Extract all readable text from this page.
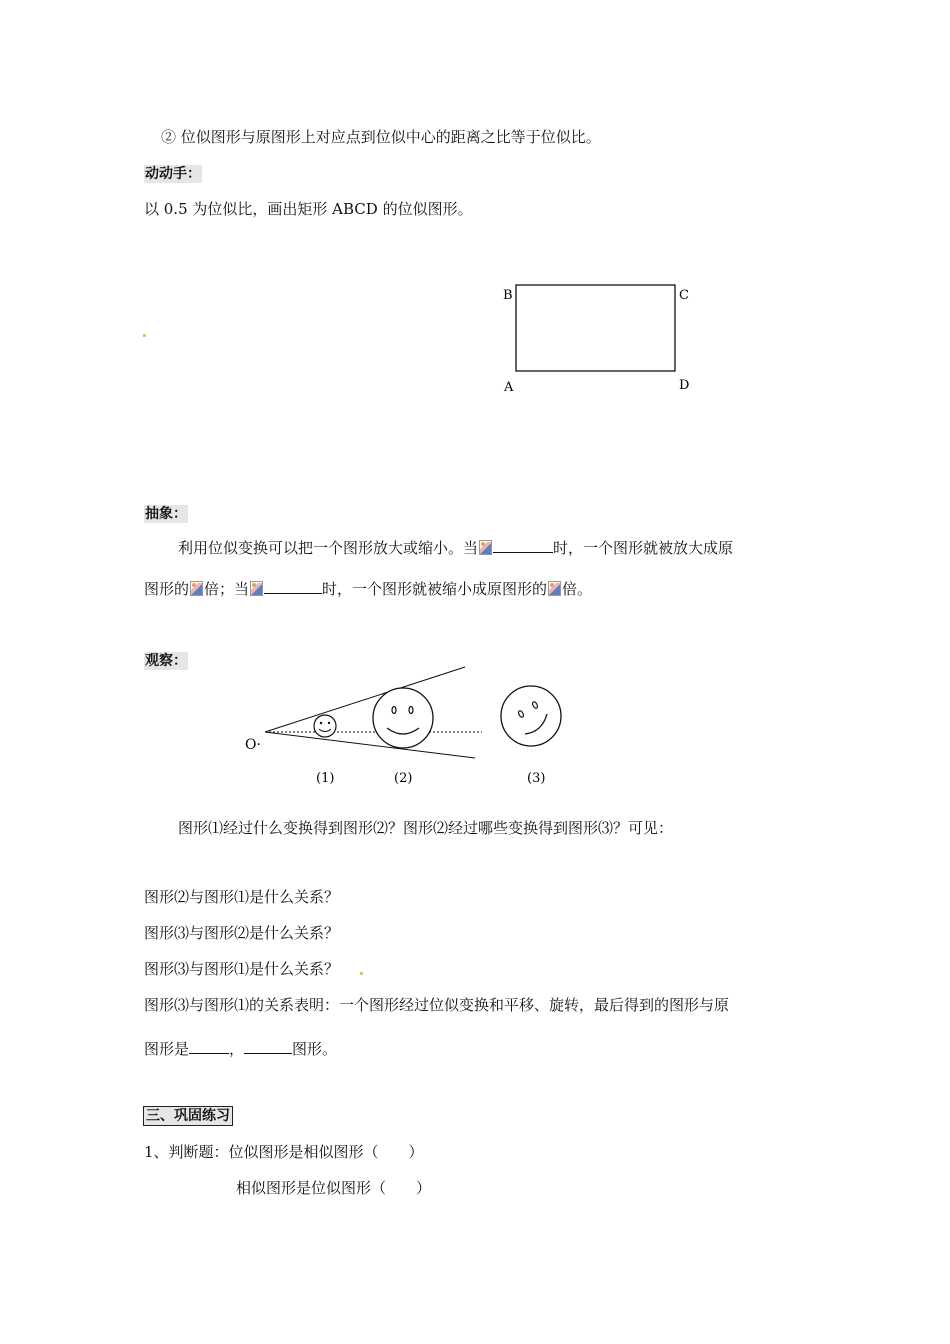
② 位似图形与原图形上对应点到位似中心的距离之比等于位似比。
动动手：
以 0.5 为位似比，画出矩形 ABCD 的位似图形。
B	C
A	D
抽象：
利用位似变换可以把一个图形放大或缩小。当	时，一个图形就被放大成原
图形的 倍；当	时，一个图形就被缩小成原图形的 倍。
观察：
O·
(1)	(2)	(3)
图形⑴经过什么变换得到图形⑵？图形⑵经过哪些变换得到图形⑶？可见：
图形⑵与图形⑴是什么关系？
图形⑶与图形⑵是什么关系？
图形⑶与图形⑴是什么关系？
图形⑶与图形⑴的关系表明：一个图形经过位似变换和平移、旋转，最后得到的图形与原
图形是	，	图形。
三、巩固练习
1、判断题：位似图形是相似图形（　　）
相似图形是位似图形（　　）
